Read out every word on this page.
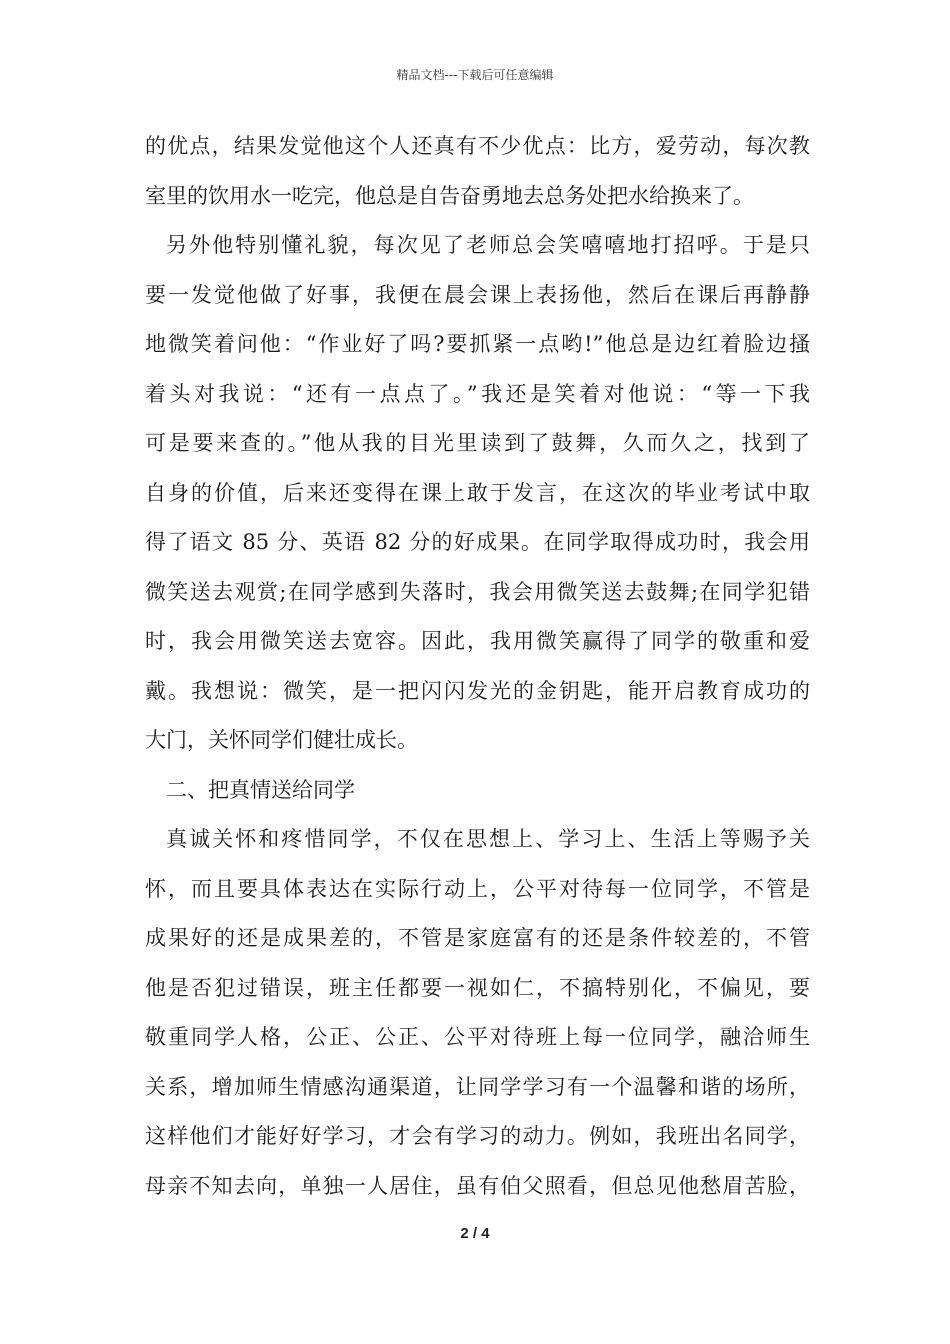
精品文档---下载后可任意编辑
的优点，结果发觉他这个人还真有不少优点：比方，爱劳动，每次教
室里的饮用水一吃完，他总是自告奋勇地去总务处把水给换来了。
另外他特别懂礼貌，每次见了老师总会笑嘻嘻地打招呼。于是只
要一发觉他做了好事，我便在晨会课上表扬他，然后在课后再静静
地微笑着问他：“作业好了吗?要抓紧一点哟!”他总是边红着脸边搔
着头对我说：“还有一点点了。”我还是笑着对他说：“等一下我
可是要来查的。”他从我的目光里读到了鼓舞，久而久之，找到了
自身的价值，后来还变得在课上敢于发言，在这次的毕业考试中取
得了语文 85 分、英语 82 分的好成果。在同学取得成功时，我会用
微笑送去观赏;在同学感到失落时，我会用微笑送去鼓舞;在同学犯错
时，我会用微笑送去宽容。因此，我用微笑赢得了同学的敬重和爱
戴。我想说：微笑，是一把闪闪发光的金钥匙，能开启教育成功的
大门，关怀同学们健壮成长。
二、把真情送给同学
真诚关怀和疼惜同学，不仅在思想上、学习上、生活上等赐予关
怀，而且要具体表达在实际行动上，公平对待每一位同学，不管是
成果好的还是成果差的，不管是家庭富有的还是条件较差的，不管
他是否犯过错误，班主任都要一视如仁，不搞特别化，不偏见，要
敬重同学人格，公正、公正、公平对待班上每一位同学，融洽师生
关系，增加师生情感沟通渠道，让同学学习有一个温馨和谐的场所，
这样他们才能好好学习，才会有学习的动力。例如，我班出名同学，
母亲不知去向，单独一人居住，虽有伯父照看，但总见他愁眉苦脸，
2 / 4
